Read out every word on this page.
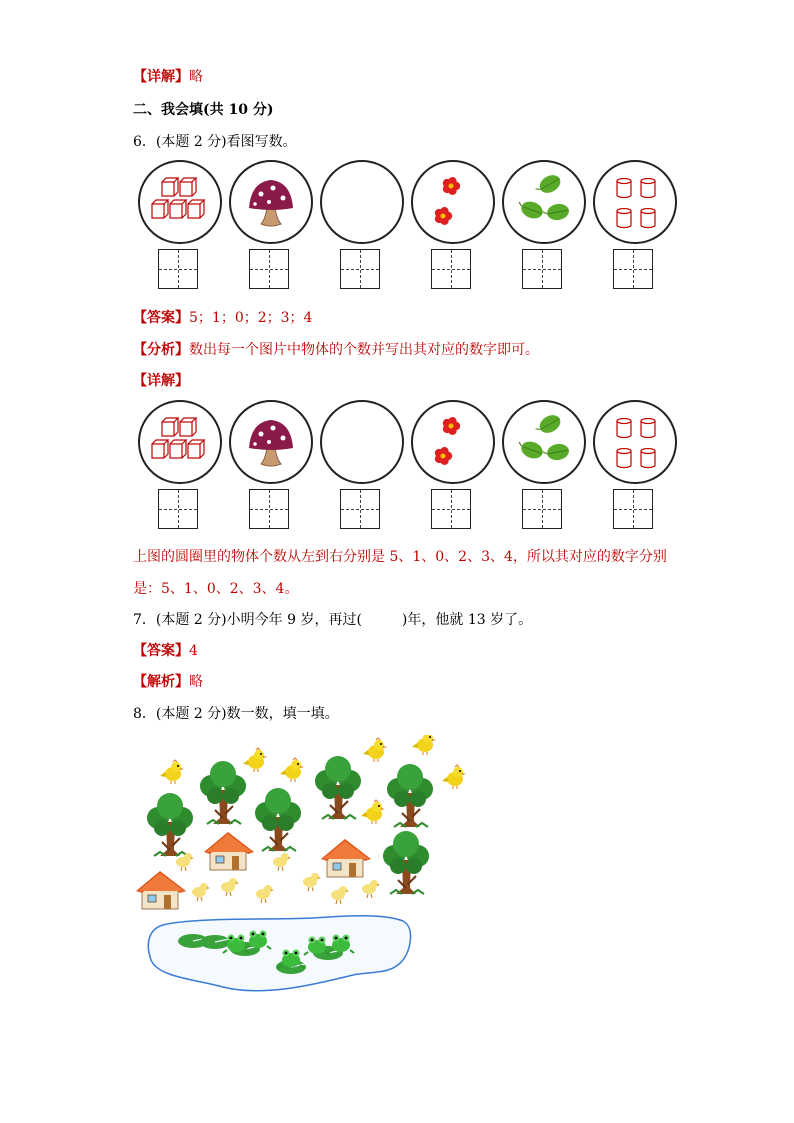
【详解】略
二、我会填(共 10 分)
6．(本题 2 分)看图写数。
【答案】5；1；0；2；3；4
【分析】数出每一个图片中物体的个数并写出其对应的数字即可。
【详解】
上图的圆圈里的物体个数从左到右分别是 5、1、0、2、3、4，所以其对应的数字分别
是：5、1、0、2、3、4。
7．(本题 2 分)小明今年 9 岁，再过(	)年，他就 13 岁了。
【答案】4
【解析】略
8．(本题 2 分)数一数，填一填。
